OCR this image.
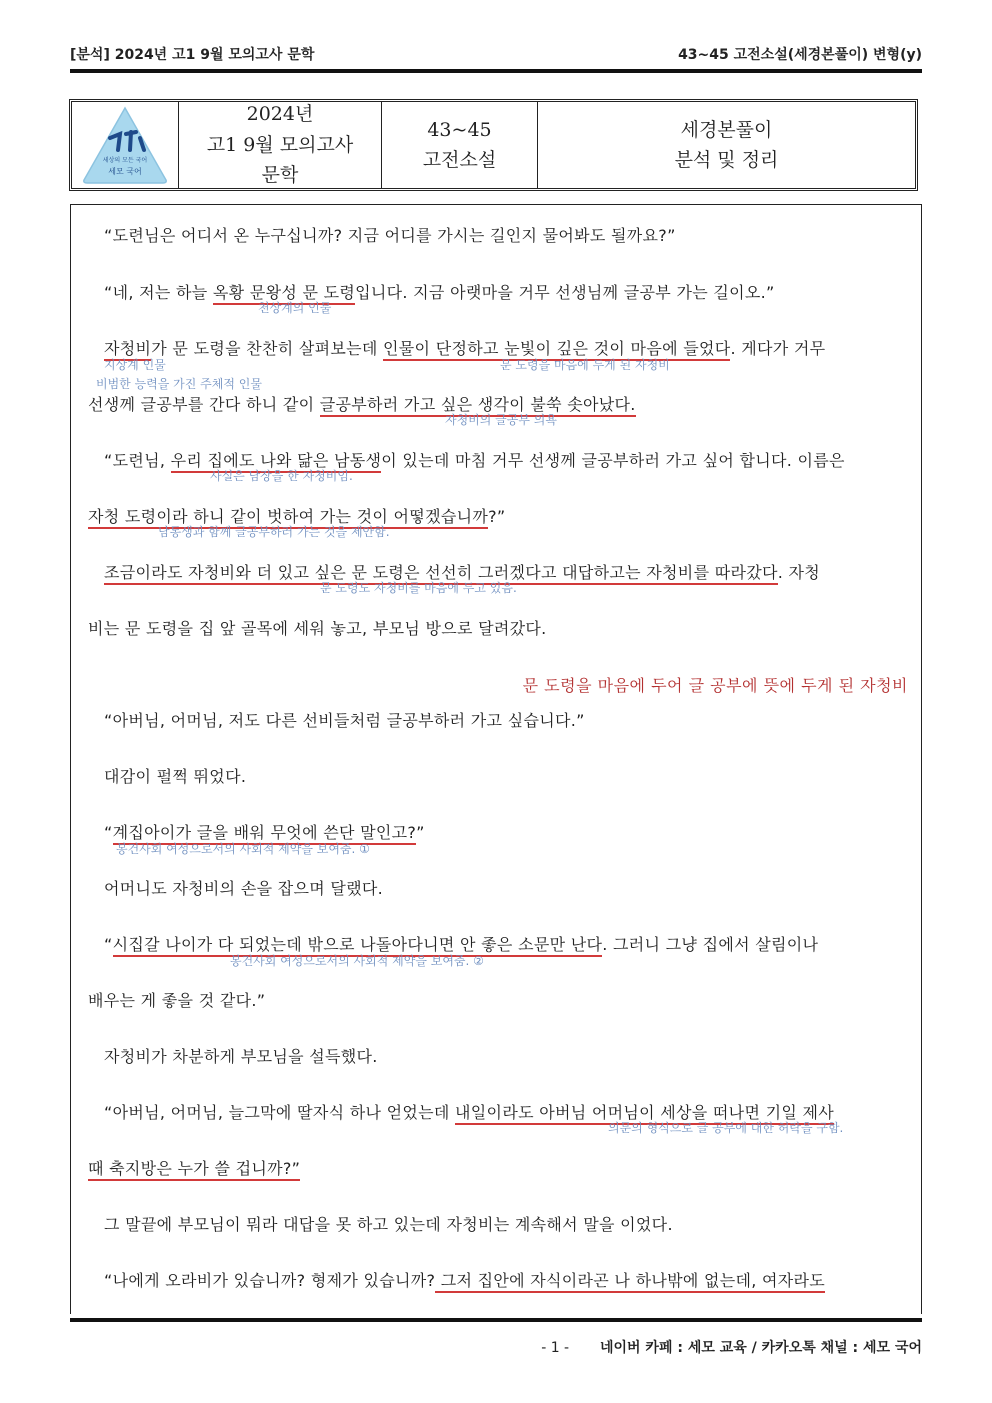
[분석] 2024년 고1 9월 모의고사 문학	43~45 고전소설(세경본풀이) 변형(y)
세상의 모든 국어
세모 국어
2024년
고1 9월 모의고사
문학
43~45
고전소설
세경본풀이
분석 및 정리
“도련님은 어디서 온 누구십니까? 지금 어디를 가시는 길인지 물어봐도 될까요?”
“네, 저는 하늘 옥황 문왕성 문 도령입니다. 지금 아랫마을 거무 선생님께 글공부 가는 길이오.”
천상계의 인물
자청비가 문 도령을 찬찬히 살펴보는데 인물이 단정하고 눈빛이 깊은 것이 마음에 들었다. 게다가 거무
지상계 인물	문 도령을 마음에 두게 된 자청비
비범한 능력을 가진 주체적 인물
선생께 글공부를 간다 하니 같이 글공부하러 가고 싶은 생각이 불쑥 솟아났다.
자청비의 글공부 의욕
“도련님, 우리 집에도 나와 닮은 남동생이 있는데 마침 거무 선생께 글공부하러 가고 싶어 합니다. 이름은
사실은 남장을 한 자청비임.
자청 도령이라 하니 같이 벗하여 가는 것이 어떻겠습니까?”
남동생과 함께 글공부하러 가는 것을 제안함.
조금이라도 자청비와 더 있고 싶은 문 도령은 선선히 그러겠다고 대답하고는 자청비를 따라갔다. 자청
문 도령도 자청비를 마음에 두고 있음.
비는 문 도령을 집 앞 골목에 세워 놓고, 부모님 방으로 달려갔다.
문 도령을 마음에 두어 글 공부에 뜻에 두게 된 자청비
“아버님, 어머님, 저도 다른 선비들처럼 글공부하러 가고 싶습니다.”
대감이 펄쩍 뛰었다.
“계집아이가 글을 배워 무엇에 쓴단 말인고?”
봉건사회 여성으로서의 사회적 제약을 보여줌. ①
어머니도 자청비의 손을 잡으며 달랬다.
“시집갈 나이가 다 되었는데 밖으로 나돌아다니면 안 좋은 소문만 난다. 그러니 그냥 집에서 살림이나
봉건사회 여성으로서의 사회적 제약을 보여줌. ②
배우는 게 좋을 것 같다.”
자청비가 차분하게 부모님을 설득했다.
“아버님, 어머님, 늘그막에 딸자식 하나 얻었는데 내일이라도 아버님 어머님이 세상을 떠나면 기일 제사
의문의 형식으로 글 공부에 대한 허락을 구함.
때 축지방은 누가 쓸 겁니까?”
그 말끝에 부모님이 뭐라 대답을 못 하고 있는데 자청비는 계속해서 말을 이었다.
“나에게 오라비가 있습니까? 형제가 있습니까? 그저 집안에 자식이라곤 나 하나밖에 없는데, 여자라도
- 1 - 네이버 카페 : 세모 교육 / 카카오톡 채널 : 세모 국어
